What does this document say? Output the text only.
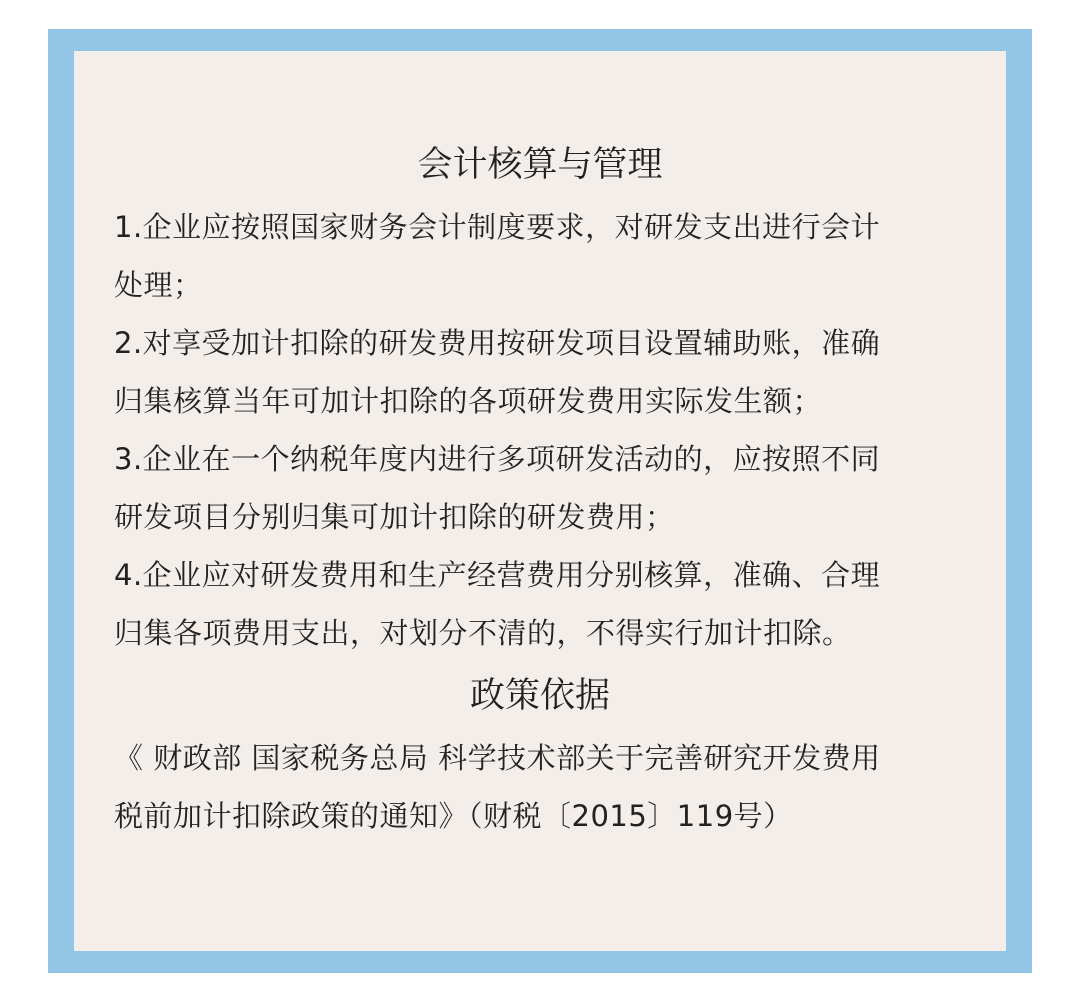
会计核算与管理
1.企业应按照国家财务会计制度要求，对研发支出进行会计
处理；
2.对享受加计扣除的研发费用按研发项目设置辅助账，准确
归集核算当年可加计扣除的各项研发费用实际发生额；
3.企业在一个纳税年度内进行多项研发活动的，应按照不同
研发项目分别归集可加计扣除的研发费用；
4.企业应对研发费用和生产经营费用分别核算，准确、合理
归集各项费用支出，对划分不清的，不得实行加计扣除。
政策依据
《 财政部 国家税务总局 科学技术部关于完善研究开发费用
税前加计扣除政策的通知》（财税〔2015〕119号）
